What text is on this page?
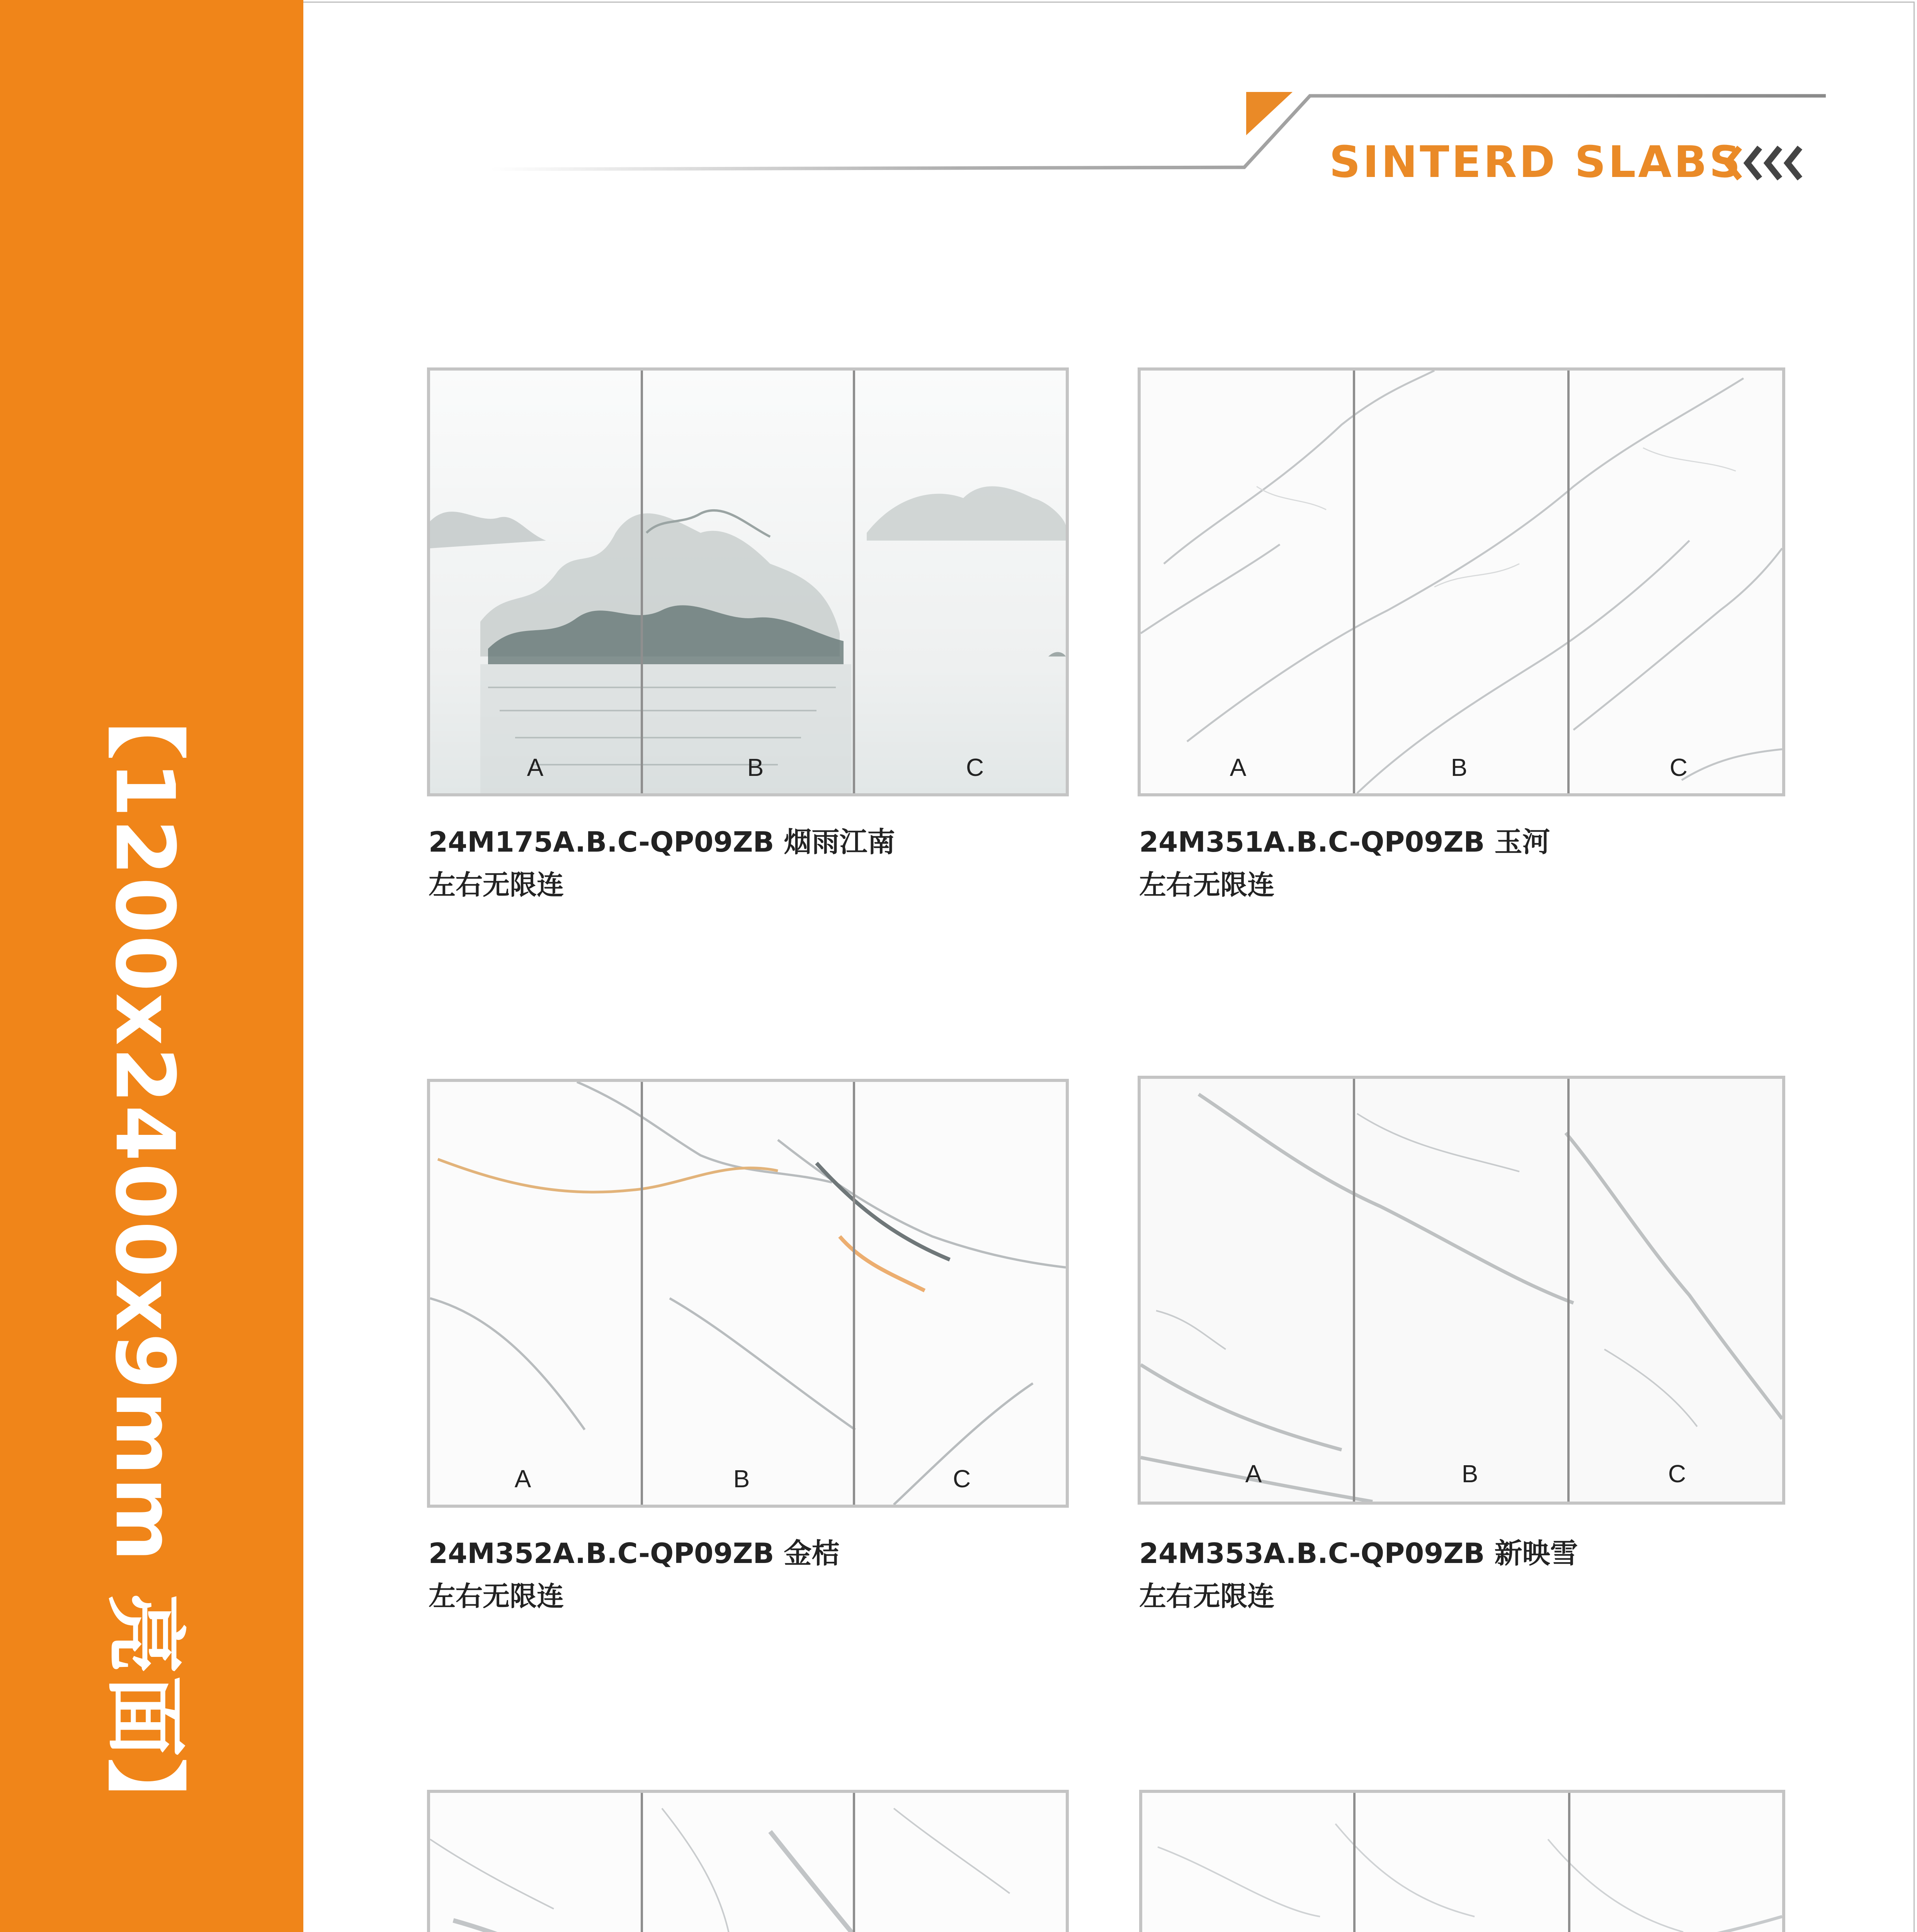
【1200x2400x9mm 亮面】
SINTERD SLABS
A	B	C
24M175A.B.C-QP09ZB 烟雨江南
左右无限连
A	B	C
24M351A.B.C-QP09ZB 玉河
左右无限连
A	B	C
24M352A.B.C-QP09ZB 金桔
左右无限连
A	B	C
24M353A.B.C-QP09ZB 新映雪
左右无限连
